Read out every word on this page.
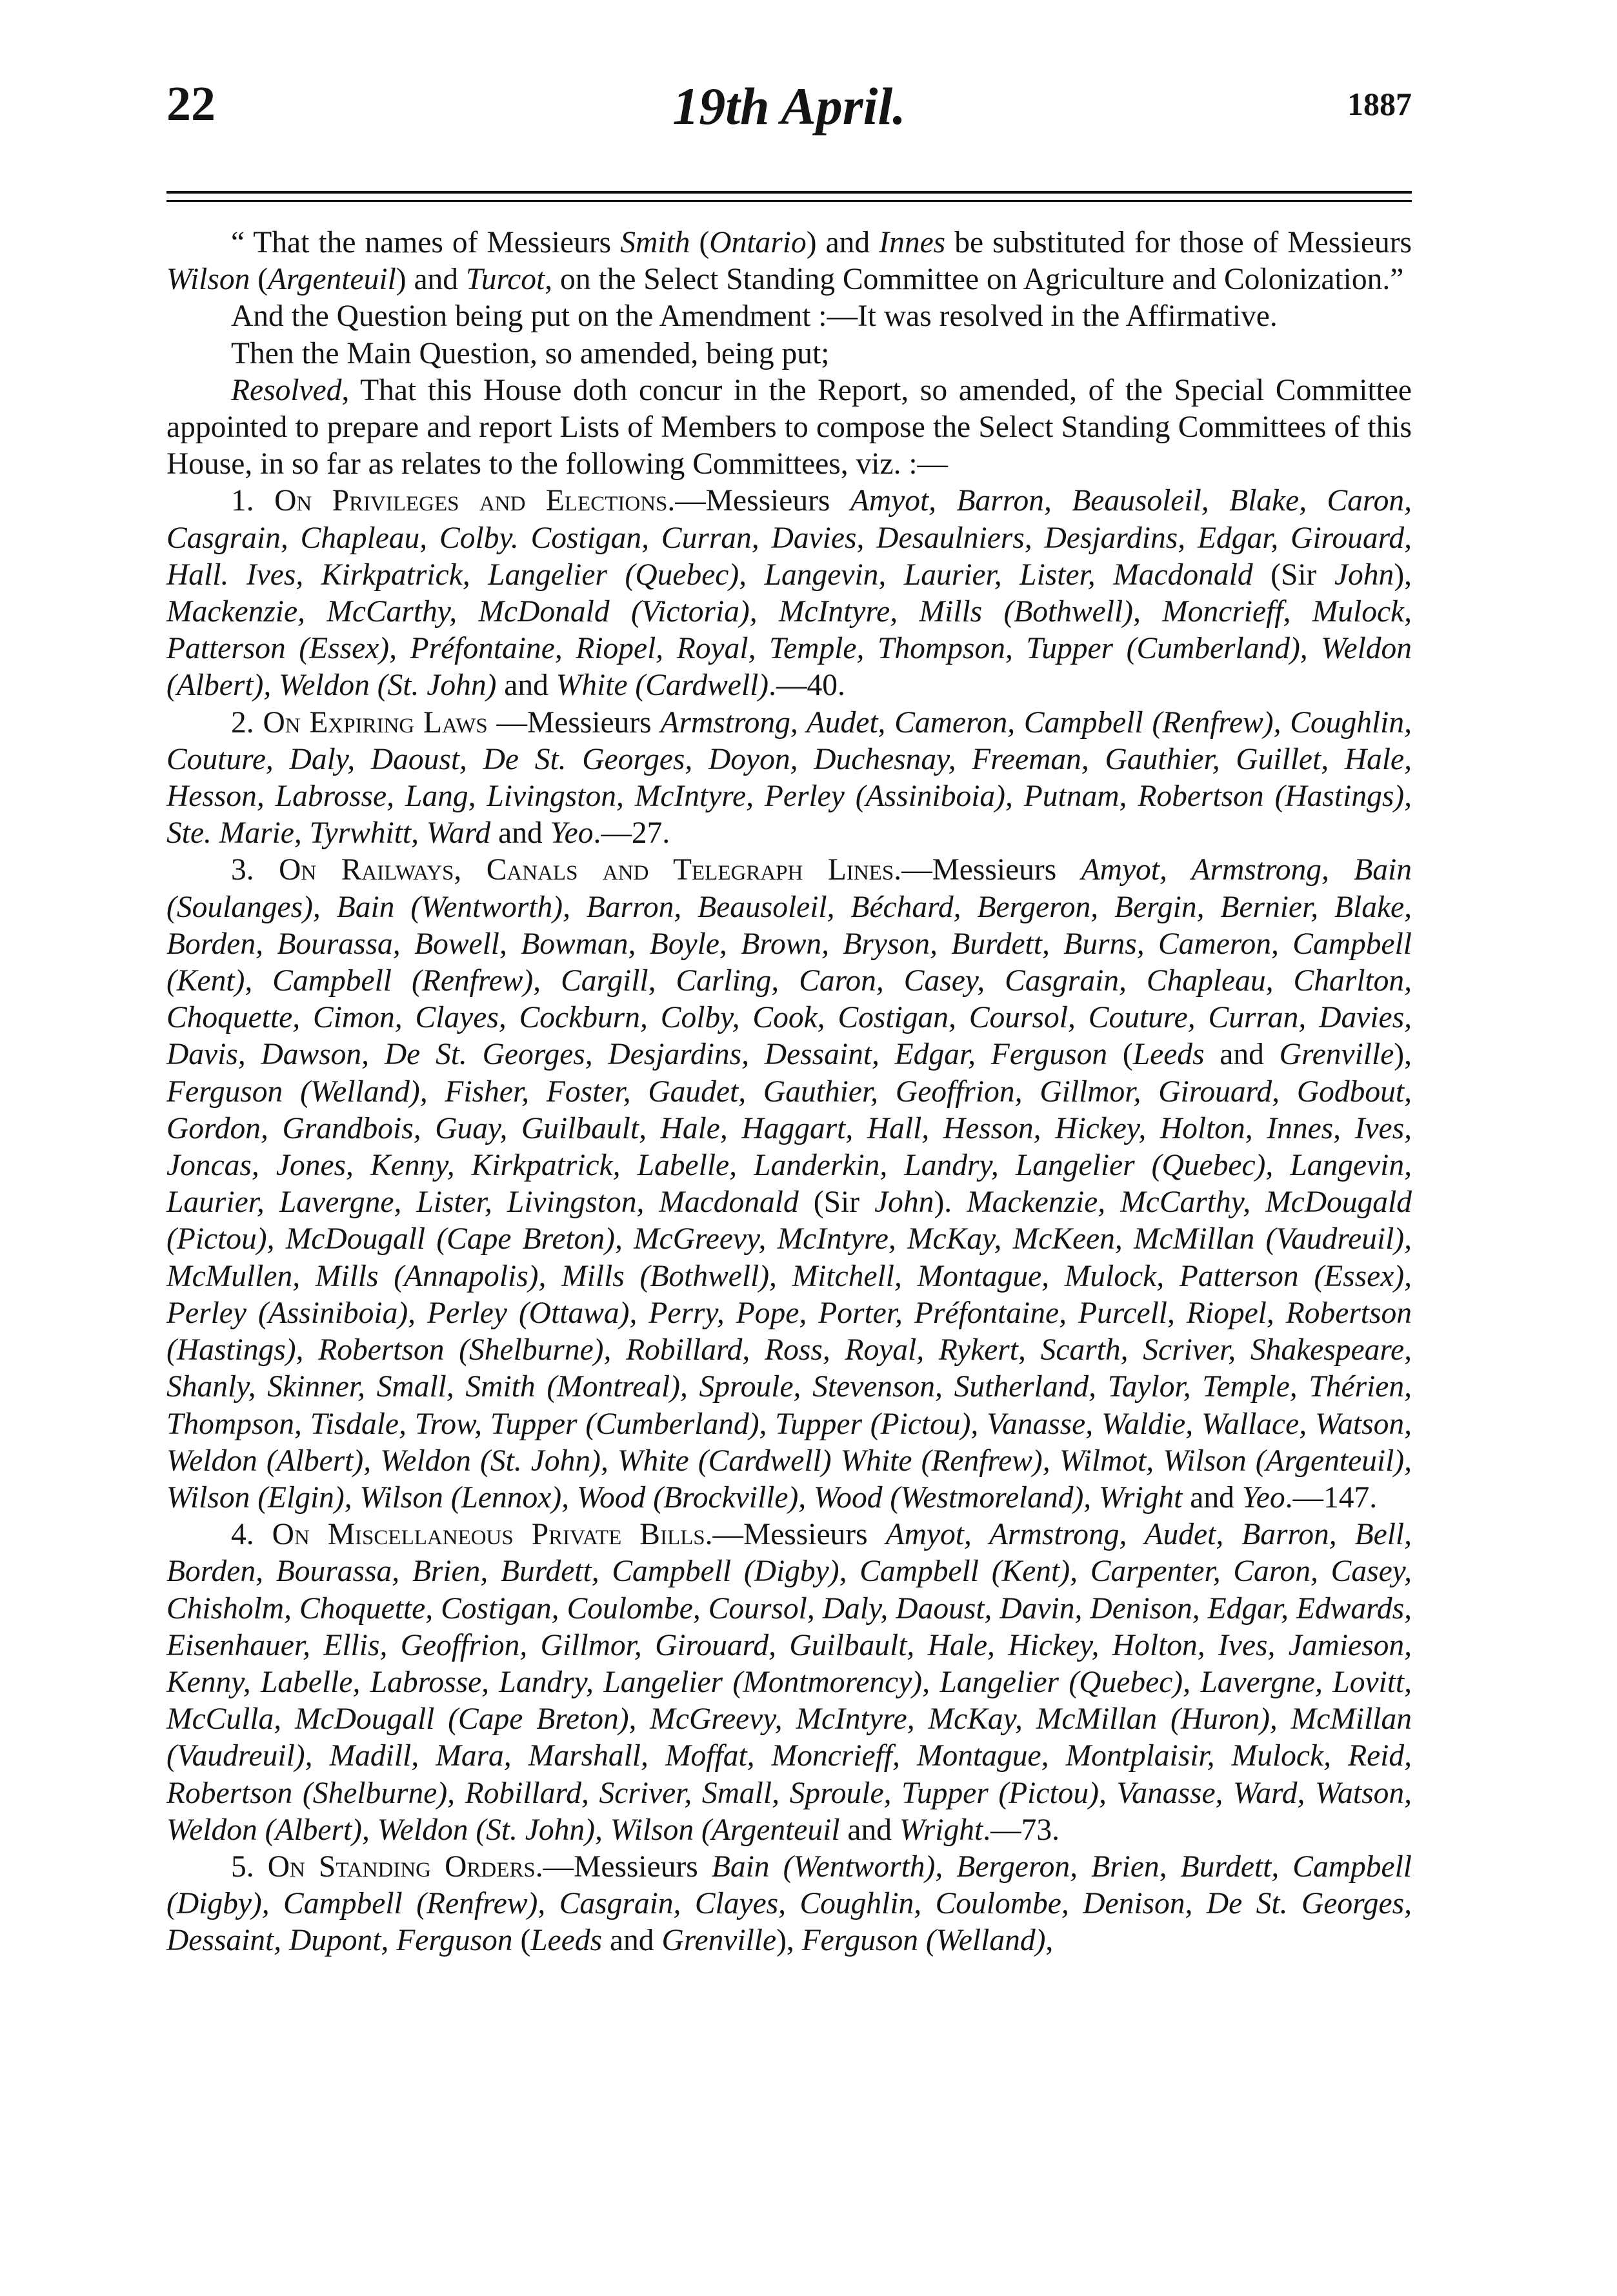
22	19th April.	1887

“ That the names of Messieurs Smith (Ontario) and Innes be substituted for those of Messieurs Wilson (Argenteuil) and Turcot, on the Select Standing Committee on Agriculture and Colonization.”

And the Question being put on the Amendment :—It was resolved in the Affirmative.

Then the Main Question, so amended, being put;

Resolved, That this House doth concur in the Report, so amended, of the Special Committee appointed to prepare and report Lists of Members to compose the Select Standing Committees of this House, in so far as relates to the following Committees, viz. :—

1. On Privileges and Elections.—Messieurs Amyot, Barron, Beausoleil, Blake, Caron, Casgrain, Chapleau, Colby. Costigan, Curran, Davies, Desaulniers, Desjardins, Edgar, Girouard, Hall. Ives, Kirkpatrick, Langelier (Quebec), Langevin, Laurier, Lister, Macdonald (Sir John), Mackenzie, McCarthy, McDonald (Victoria), McIntyre, Mills (Bothwell), Moncrieff, Mulock, Patterson (Essex), Préfontaine, Riopel, Royal, Temple, Thompson, Tupper (Cumberland), Weldon (Albert), Weldon (St. John) and White (Cardwell).—40.

2. On Expiring Laws —Messieurs Armstrong, Audet, Cameron, Campbell (Renfrew), Coughlin, Couture, Daly, Daoust, De St. Georges, Doyon, Duchesnay, Freeman, Gauthier, Guillet, Hale, Hesson, Labrosse, Lang, Livingston, McIntyre, Perley (Assiniboia), Putnam, Robertson (Hastings), Ste. Marie, Tyrwhitt, Ward and Yeo.—27.

3. On Railways, Canals and Telegraph Lines.—Messieurs Amyot, Armstrong, Bain (Soulanges), Bain (Wentworth), Barron, Beausoleil, Béchard, Bergeron, Bergin, Bernier, Blake, Borden, Bourassa, Bowell, Bowman, Boyle, Brown, Bryson, Burdett, Burns, Cameron, Campbell (Kent), Campbell (Renfrew), Cargill, Carling, Caron, Casey, Casgrain, Chapleau, Charlton, Choquette, Cimon, Clayes, Cockburn, Colby, Cook, Costigan, Coursol, Couture, Curran, Davies, Davis, Dawson, De St. Georges, Desjardins, Dessaint, Edgar, Ferguson (Leeds and Grenville), Ferguson (Welland), Fisher, Foster, Gaudet, Gauthier, Geoffrion, Gillmor, Girouard, Godbout, Gordon, Grandbois, Guay, Guilbault, Hale, Haggart, Hall, Hesson, Hickey, Holton, Innes, Ives, Joncas, Jones, Kenny, Kirkpatrick, Labelle, Landerkin, Landry, Langelier (Quebec), Langevin, Laurier, Lavergne, Lister, Livingston, Macdonald (Sir John). Mackenzie, McCarthy, McDougald (Pictou), McDougall (Cape Breton), McGreevy, McIntyre, McKay, McKeen, McMillan (Vaudreuil), McMullen, Mills (Annapolis), Mills (Bothwell), Mitchell, Montague, Mulock, Patterson (Essex), Perley (Assiniboia), Perley (Ottawa), Perry, Pope, Porter, Préfontaine, Purcell, Riopel, Robertson (Hastings), Robertson (Shelburne), Robillard, Ross, Royal, Rykert, Scarth, Scriver, Shakespeare, Shanly, Skinner, Small, Smith (Montreal), Sproule, Stevenson, Sutherland, Taylor, Temple, Thérien, Thompson, Tisdale, Trow, Tupper (Cumberland), Tupper (Pictou), Vanasse, Waldie, Wallace, Watson, Weldon (Albert), Weldon (St. John), White (Cardwell) White (Renfrew), Wilmot, Wilson (Argenteuil), Wilson (Elgin), Wilson (Lennox), Wood (Brockville), Wood (Westmoreland), Wright and Yeo.—147.

4. On Miscellaneous Private Bills.—Messieurs Amyot, Armstrong, Audet, Barron, Bell, Borden, Bourassa, Brien, Burdett, Campbell (Digby), Campbell (Kent), Carpenter, Caron, Casey, Chisholm, Choquette, Costigan, Coulombe, Coursol, Daly, Daoust, Davin, Denison, Edgar, Edwards, Eisenhauer, Ellis, Geoffrion, Gillmor, Girouard, Guilbault, Hale, Hickey, Holton, Ives, Jamieson, Kenny, Labelle, Labrosse, Landry, Langelier (Montmorency), Langelier (Quebec), Lavergne, Lovitt, McCulla, McDougall (Cape Breton), McGreevy, McIntyre, McKay, McMillan (Huron), McMillan (Vaudreuil), Madill, Mara, Marshall, Moffat, Moncrieff, Montague, Montplaisir, Mulock, Reid, Robertson (Shelburne), Robillard, Scriver, Small, Sproule, Tupper (Pictou), Vanasse, Ward, Watson, Weldon (Albert), Weldon (St. John), Wilson (Argenteuil and Wright.—73.

5. On Standing Orders.—Messieurs Bain (Wentworth), Bergeron, Brien, Burdett, Campbell (Digby), Campbell (Renfrew), Casgrain, Clayes, Coughlin, Coulombe, Denison, De St. Georges, Dessaint, Dupont, Ferguson (Leeds and Grenville), Ferguson (Welland),
